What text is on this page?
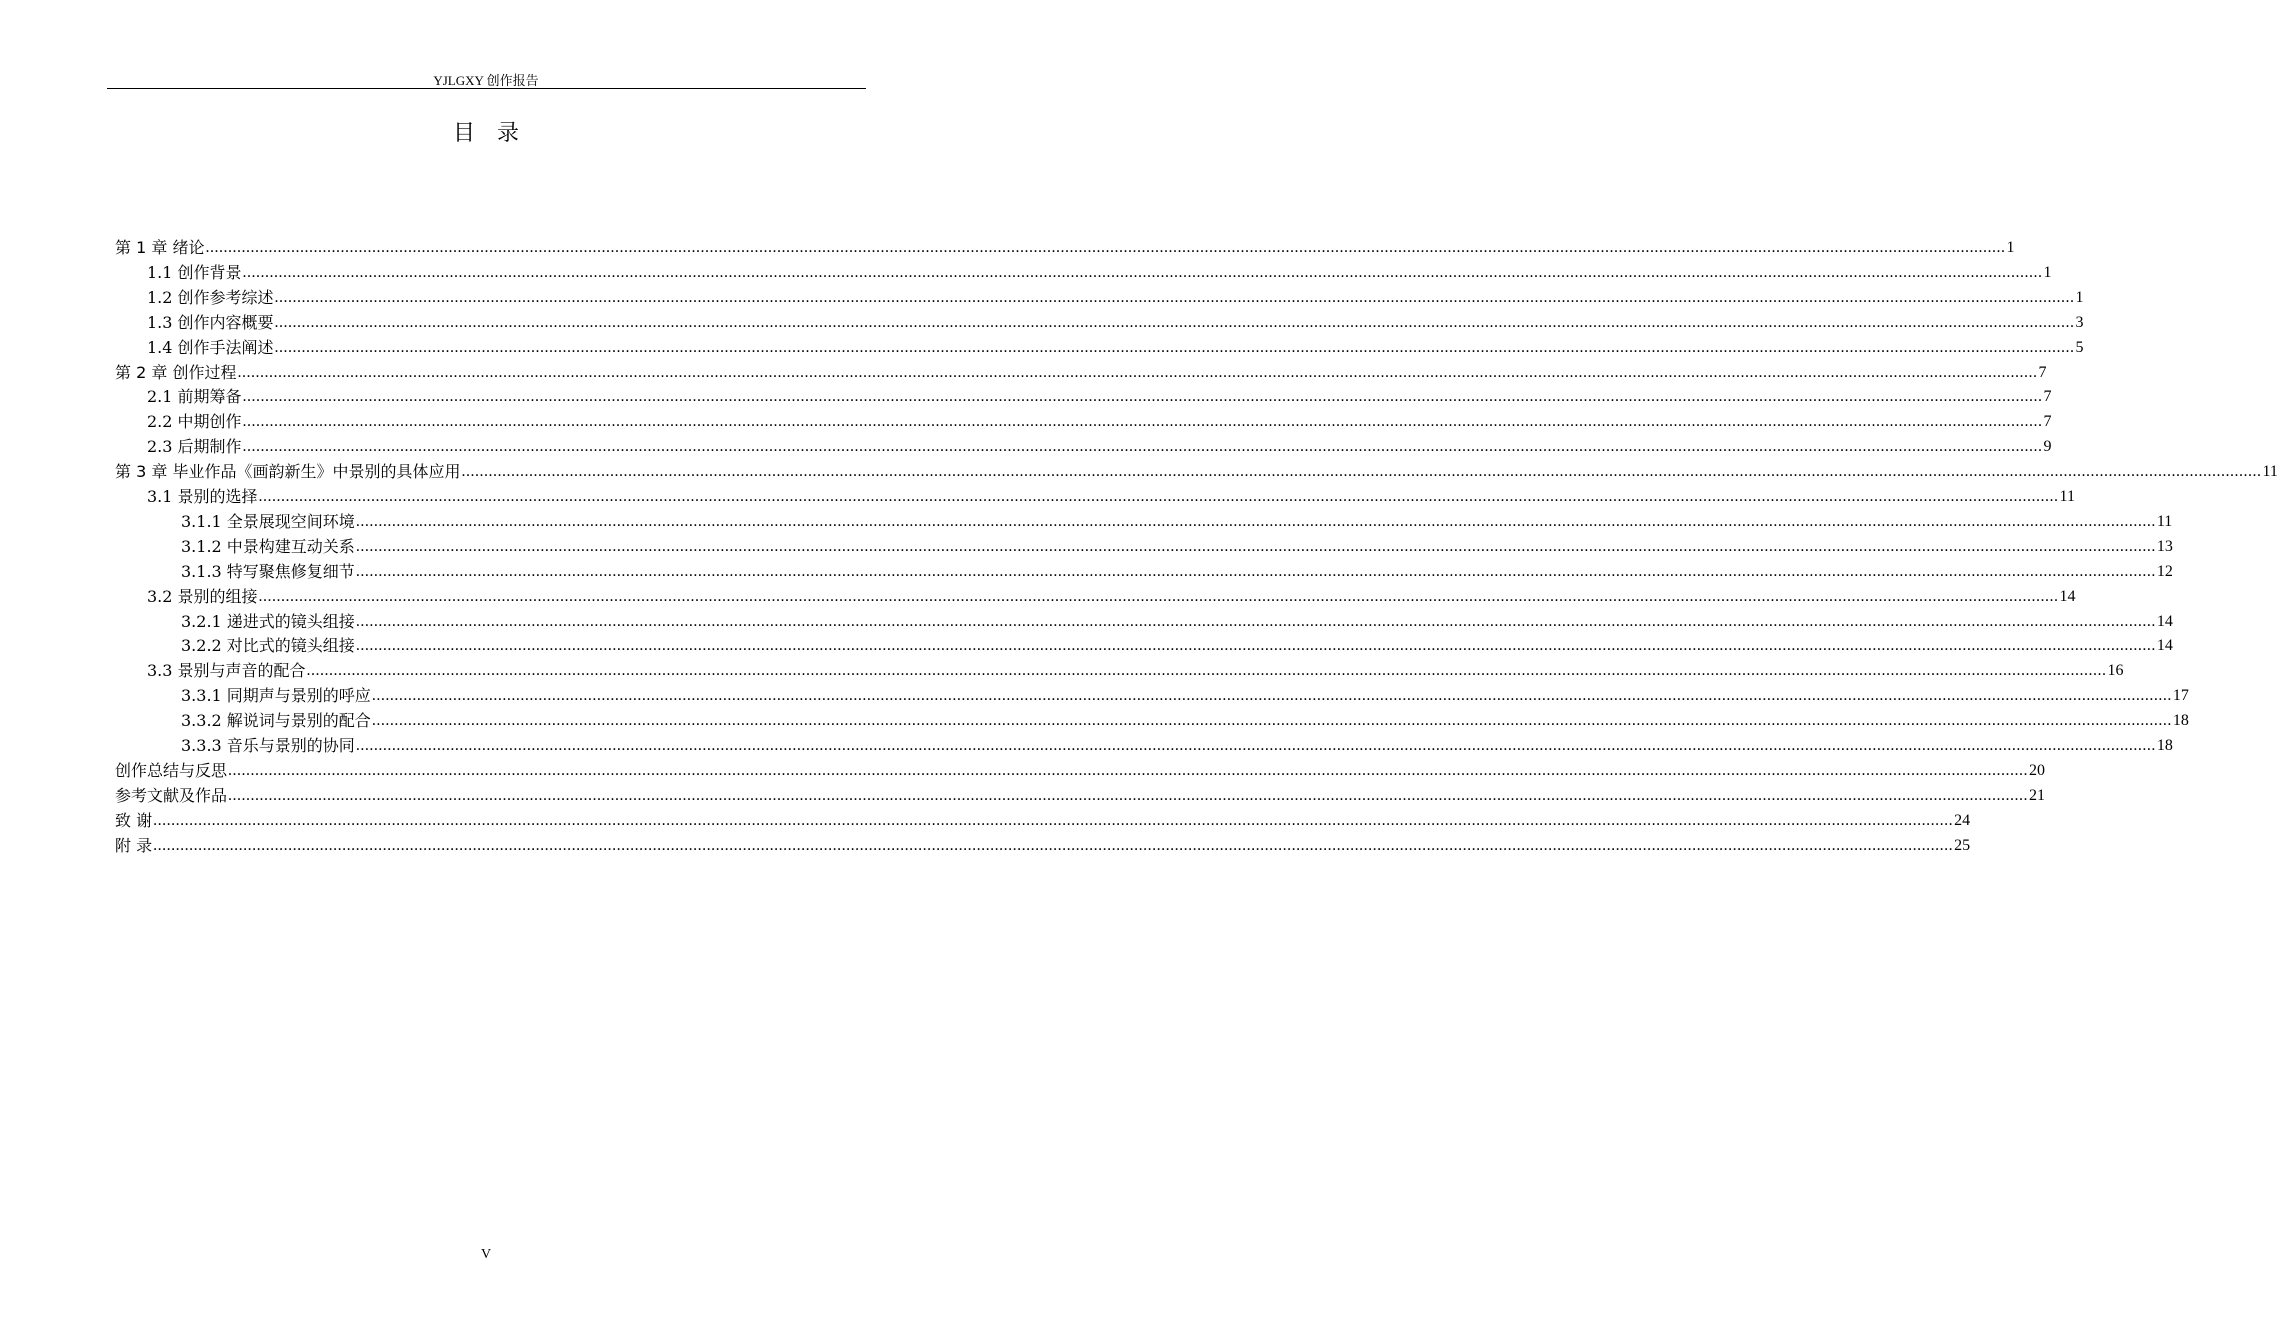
YJLGXY 创作报告
目录
第 1 章 绪论 ................................................................................................................................................................................................................................................................................................................................................................................................................ 1
1.1 创作背景 ................................................................................................................................................................................................................................................................................................................................................................................................................ 1
1.2 创作参考综述 ................................................................................................................................................................................................................................................................................................................................................................................................................ 1
1.3 创作内容概要 ................................................................................................................................................................................................................................................................................................................................................................................................................ 3
1.4 创作手法阐述 ................................................................................................................................................................................................................................................................................................................................................................................................................ 5
第 2 章 创作过程 ................................................................................................................................................................................................................................................................................................................................................................................................................ 7
2.1 前期筹备 ................................................................................................................................................................................................................................................................................................................................................................................................................ 7
2.2 中期创作 ................................................................................................................................................................................................................................................................................................................................................................................................................ 7
2.3 后期制作 ................................................................................................................................................................................................................................................................................................................................................................................................................ 9
第 3 章 毕业作品《画韵新生》中景别的具体应用 ................................................................................................................................................................................................................................................................................................................................................................................................................ 11
3.1 景别的选择 ................................................................................................................................................................................................................................................................................................................................................................................................................ 11
3.1.1 全景展现空间环境 ................................................................................................................................................................................................................................................................................................................................................................................................................ 11
3.1.2 中景构建互动关系 ................................................................................................................................................................................................................................................................................................................................................................................................................ 13
3.1.3 特写聚焦修复细节 ................................................................................................................................................................................................................................................................................................................................................................................................................ 12
3.2 景别的组接 ................................................................................................................................................................................................................................................................................................................................................................................................................ 14
3.2.1 递进式的镜头组接 ................................................................................................................................................................................................................................................................................................................................................................................................................ 14
3.2.2 对比式的镜头组接 ................................................................................................................................................................................................................................................................................................................................................................................................................ 14
3.3 景别与声音的配合 ................................................................................................................................................................................................................................................................................................................................................................................................................ 16
3.3.1 同期声与景别的呼应 ................................................................................................................................................................................................................................................................................................................................................................................................................ 17
3.3.2 解说词与景别的配合 ................................................................................................................................................................................................................................................................................................................................................................................................................ 18
3.3.3 音乐与景别的协同 ................................................................................................................................................................................................................................................................................................................................................................................................................ 18
创作总结与反思 ................................................................................................................................................................................................................................................................................................................................................................................................................ 20
参考文献及作品 ................................................................................................................................................................................................................................................................................................................................................................................................................ 21
致 谢 ................................................................................................................................................................................................................................................................................................................................................................................................................ 24
附 录 ................................................................................................................................................................................................................................................................................................................................................................................................................ 25
V
